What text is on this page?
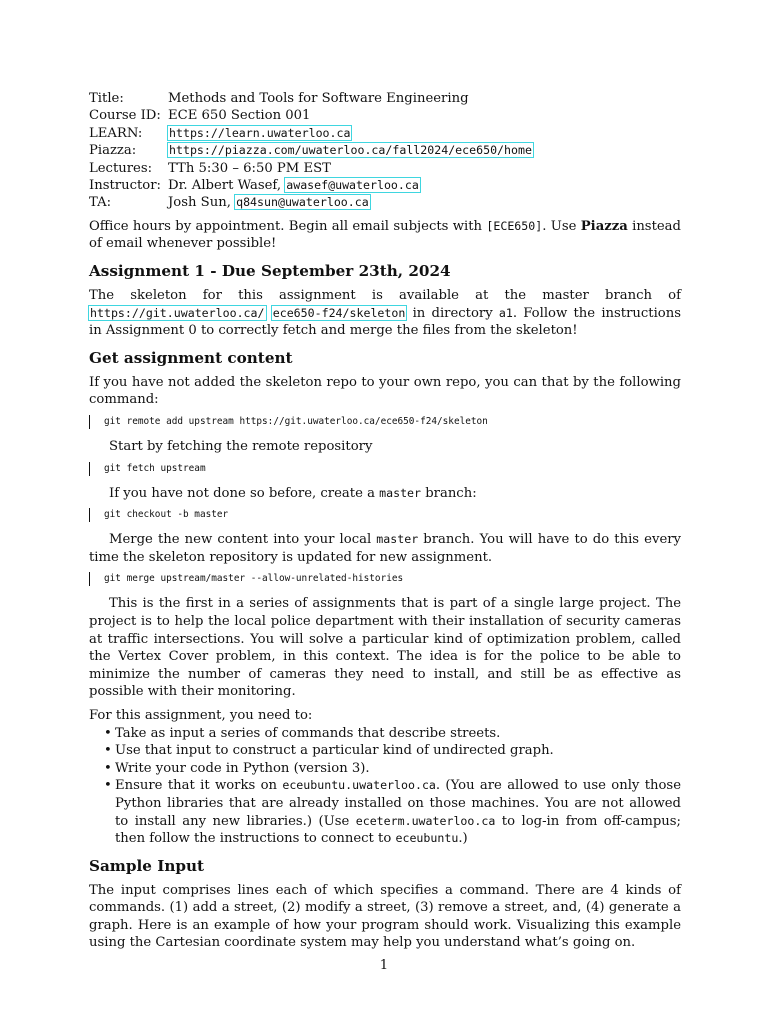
Title:	Methods and Tools for Software Engineering
Course ID:	ECE 650 Section 001
LEARN:	https://learn.uwaterloo.ca
Piazza:	https://piazza.com/uwaterloo.ca/fall2024/ece650/home
Lectures:	TTh 5:30 – 6:50 PM EST
Instructor:	Dr. Albert Wasef, awasef@uwaterloo.ca
TA:	Josh Sun, q84sun@uwaterloo.ca

Office hours by appointment. Begin all email subjects with [ECE650]. Use Piazza instead of email whenever possible!

Assignment 1 - Due September 23th, 2024

The skeleton for this assignment is available at the master branch of https://git.uwaterloo.ca/ ece650-f24/skeleton in directory a1. Follow the instructions in Assignment 0 to correctly fetch and merge the files from the skeleton!

Get assignment content

If you have not added the skeleton repo to your own repo, you can that by the following command:

git remote add upstream https://git.uwaterloo.ca/ece650-f24/skeleton

Start by fetching the remote repository

git fetch upstream

If you have not done so before, create a master branch:

git checkout -b master

Merge the new content into your local master branch. You will have to do this every time the skeleton repository is updated for new assignment.

git merge upstream/master --allow-unrelated-histories

This is the first in a series of assignments that is part of a single large project. The project is to help the local police department with their installation of security cameras at traffic intersections. You will solve a particular kind of optimization problem, called the Vertex Cover problem, in this context. The idea is for the police to be able to minimize the number of cameras they need to install, and still be as effective as possible with their monitoring.

For this assignment, you need to:

• Take as input a series of commands that describe streets.
• Use that input to construct a particular kind of undirected graph.
• Write your code in Python (version 3).
• Ensure that it works on eceubuntu.uwaterloo.ca. (You are allowed to use only those Python libraries that are already installed on those machines. You are not allowed to install any new libraries.) (Use eceterm.uwaterloo.ca to log-in from off-campus; then follow the instructions to connect to eceubuntu.)
Sample Input

The input comprises lines each of which specifies a command. There are 4 kinds of commands. (1) add a street, (2) modify a street, (3) remove a street, and, (4) generate a graph. Here is an example of how your program should work. Visualizing this example using the Cartesian coordinate system may help you understand what’s going on.

1
